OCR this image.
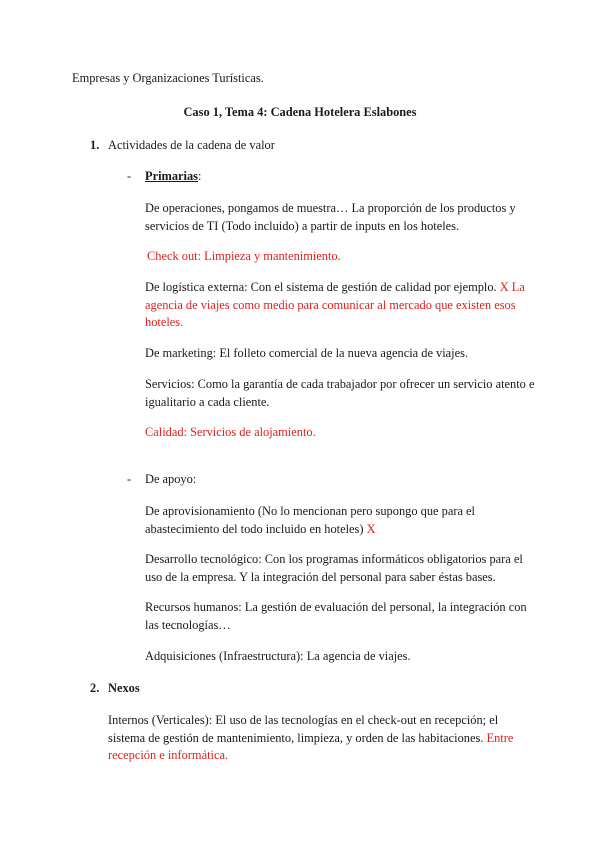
Empresas y Organizaciones Turísticas.
Caso 1, Tema 4: Cadena Hotelera Eslabones
1. Actividades de la cadena de valor
- Primarias:
De operaciones, pongamos de muestra… La proporción de los productos y servicios de TI (Todo incluido) a partir de inputs en los hoteles.
Check out: Limpieza y mantenimiento.
De logística externa: Con el sistema de gestión de calidad por ejemplo. X La agencia de viajes como medio para comunicar al mercado que existen esos hoteles.
De marketing: El folleto comercial de la nueva agencia de viajes.
Servicios: Como la garantía de cada trabajador por ofrecer un servicio atento e igualitario a cada cliente.
Calidad: Servicios de alojamiento.
- De apoyo:
De aprovisionamiento (No lo mencionan pero supongo que para el abastecimiento del todo incluido en hoteles) X
Desarrollo tecnológico: Con los programas informáticos obligatorios para el uso de la empresa. Y la integración del personal para saber éstas bases.
Recursos humanos: La gestión de evaluación del personal, la integración con las tecnologías…
Adquisiciones (Infraestructura): La agencia de viajes.
2. Nexos
Internos (Verticales): El uso de las tecnologías en el check-out en recepción; el sistema de gestión de mantenimiento, limpieza, y orden de las habitaciones. Entre recepción e informática.
